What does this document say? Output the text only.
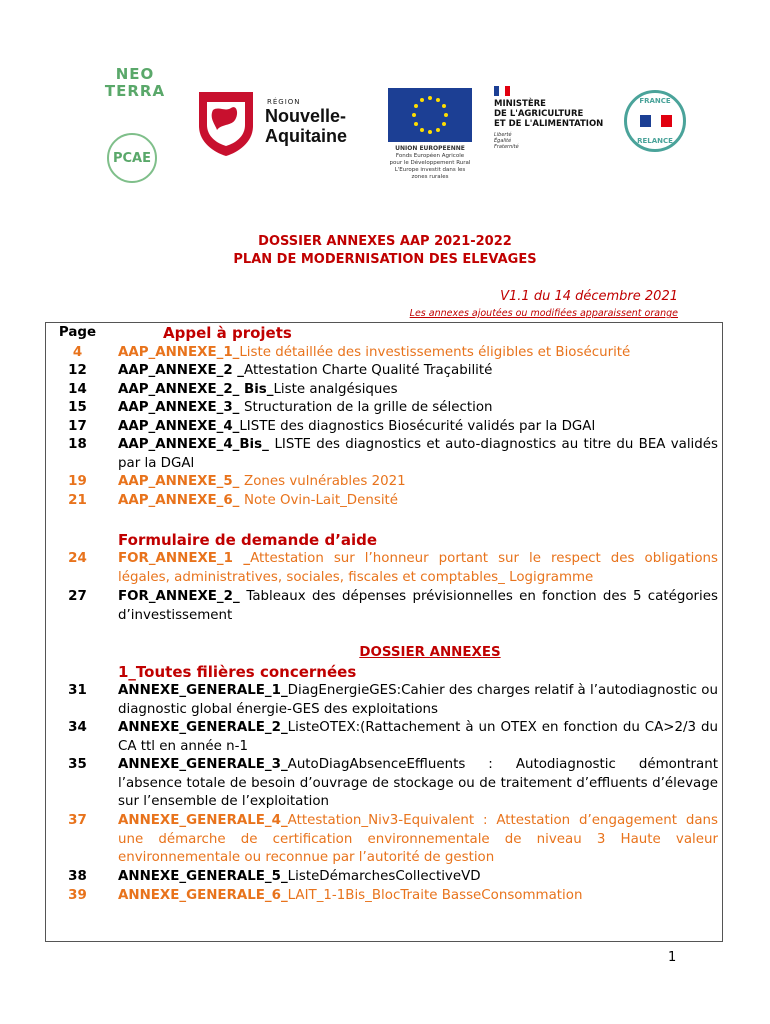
NEO
TERRA
PCAE
RÉGION
Nouvelle-
Aquitaine
UNION EUROPEENNE
Fonds Européen Agricole
pour le Développement Rural
L'Europe investit dans les
zones rurales
MINISTÈRE
DE L'AGRICULTURE
ET DE L'ALIMENTATION
Liberté
Égalité
Fraternité
FRANCE
RELANCE
DOSSIER ANNEXES AAP 2021-2022
PLAN DE MODERNISATION DES ELEVAGES
V1.1 du 14 décembre 2021
Les annexes ajoutées ou modifiées apparaissent orange
Page	Appel à projets
4	AAP_ANNEXE_1_Liste détaillée des investissements éligibles et Biosécurité
12	AAP_ANNEXE_2 _Attestation Charte Qualité Traçabilité
14	AAP_ANNEXE_2_ Bis_Liste analgésiques
15	AAP_ANNEXE_3_ Structuration de la grille de sélection
17	AAP_ANNEXE_4_LISTE des diagnostics Biosécurité validés par la DGAl
18	AAP_ANNEXE_4_Bis_ LISTE des diagnostics et auto-diagnostics au titre du BEA validés par la DGAl
19	AAP_ANNEXE_5_ Zones vulnérables 2021
21	AAP_ANNEXE_6_ Note Ovin-Lait_Densité
Formulaire de demande d’aide
24	FOR_ANNEXE_1 _Attestation sur l’honneur portant sur le respect des obligations légales, administratives, sociales, fiscales et comptables_ Logigramme
27	FOR_ANNEXE_2_ Tableaux des dépenses prévisionnelles en fonction des 5 catégories d’investissement
DOSSIER ANNEXES
1_Toutes filières concernées
31	ANNEXE_GENERALE_1_DiagEnergieGES:Cahier des charges relatif à l’autodiagnostic ou diagnostic global énergie-GES des exploitations
34	ANNEXE_GENERALE_2_ListeOTEX:(Rattachement à un OTEX en fonction du CA>2/3 du CA ttl en année n-1
35	ANNEXE_GENERALE_3_AutoDiagAbsenceEffluents : Autodiagnostic démontrant l’absence totale de besoin d’ouvrage de stockage ou de traitement d’effluents d’élevage sur l’ensemble de l’exploitation
37	ANNEXE_GENERALE_4_Attestation_Niv3-Equivalent : Attestation d’engagement dans une démarche de certification environnementale de niveau 3 Haute valeur environnementale ou reconnue par l’autorité de gestion
38	ANNEXE_GENERALE_5_ListeDémarchesCollectiveVD
39	ANNEXE_GENERALE_6_LAIT_1-1Bis_BlocTraite BasseConsommation
1
